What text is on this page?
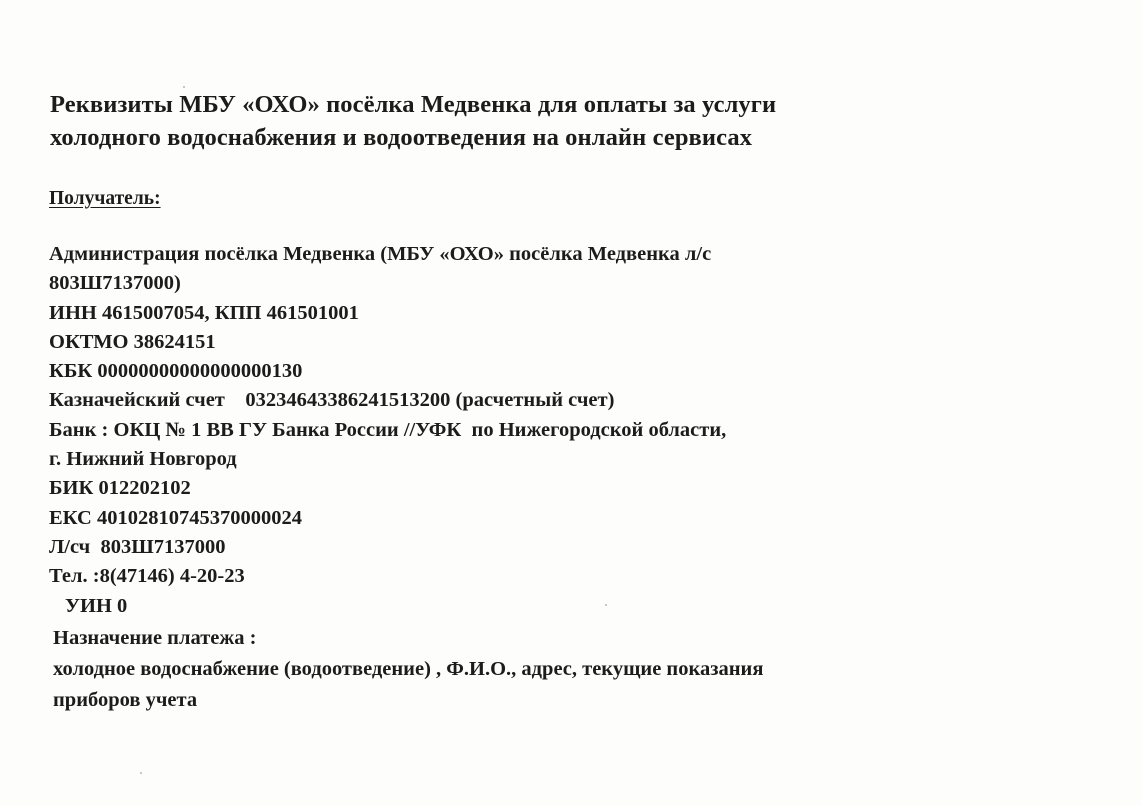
Реквизиты МБУ «ОХО» посёлка Медвенка для оплаты за услуги
холодного водоснабжения и водоотведения на онлайн сервисах
Получатель:
Администрация посёлка Медвенка (МБУ «ОХО» посёлка Медвенка л/с
803Ш7137000)
ИНН 4615007054, КПП 461501001
ОКТМО 38624151
КБК 00000000000000000130
Казначейский счет    03234643386241513200 (расчетный счет)
Банк : ОКЦ № 1 ВВ ГУ Банка России //УФК  по Нижегородской области,
г. Нижний Новгород
БИК 012202102
ЕКС 40102810745370000024
Л/сч  803Ш7137000
Тел. :8(47146) 4-20-23
УИН 0
Назначение платежа :
холодное водоснабжение (водоотведение) , Ф.И.О., адрес, текущие показания
приборов учета
